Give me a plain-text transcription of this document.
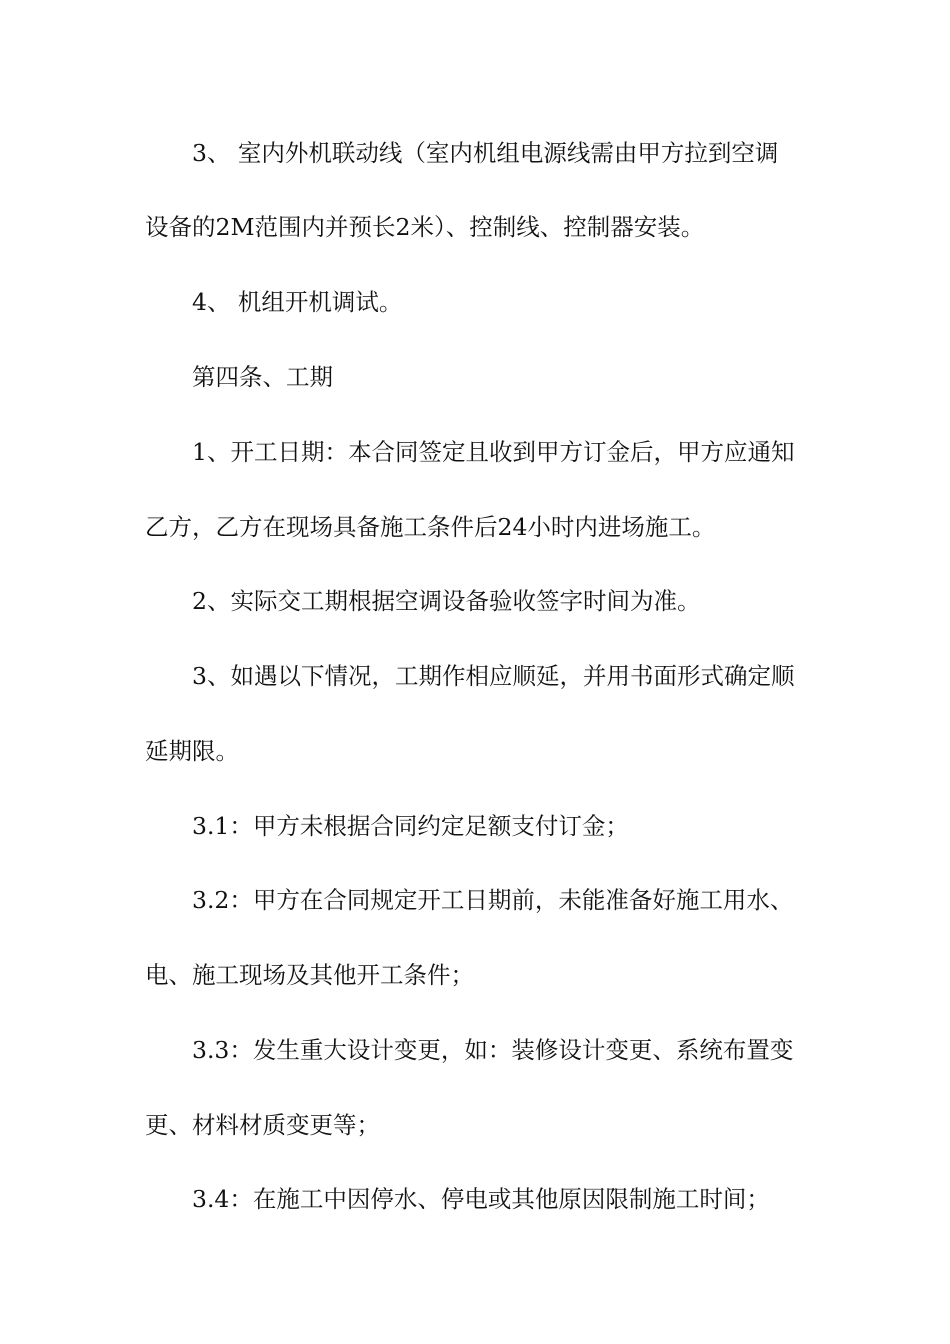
3、 室内外机联动线（室内机组电源线需由甲方拉到空调
设备的2M范围内并预长2米）、控制线、控制器安装。
4、 机组开机调试。
第四条、工期
1、开工日期：本合同签定且收到甲方订金后，甲方应通知
乙方，乙方在现场具备施工条件后24小时内进场施工。
2、实际交工期根据空调设备验收签字时间为准。
3、如遇以下情况，工期作相应顺延，并用书面形式确定顺
延期限。
3.1：甲方未根据合同约定足额支付订金；
3.2：甲方在合同规定开工日期前，未能准备好施工用水、
电、施工现场及其他开工条件；
3.3：发生重大设计变更，如：装修设计变更、系统布置变
更、材料材质变更等；
3.4：在施工中因停水、停电或其他原因限制施工时间；
